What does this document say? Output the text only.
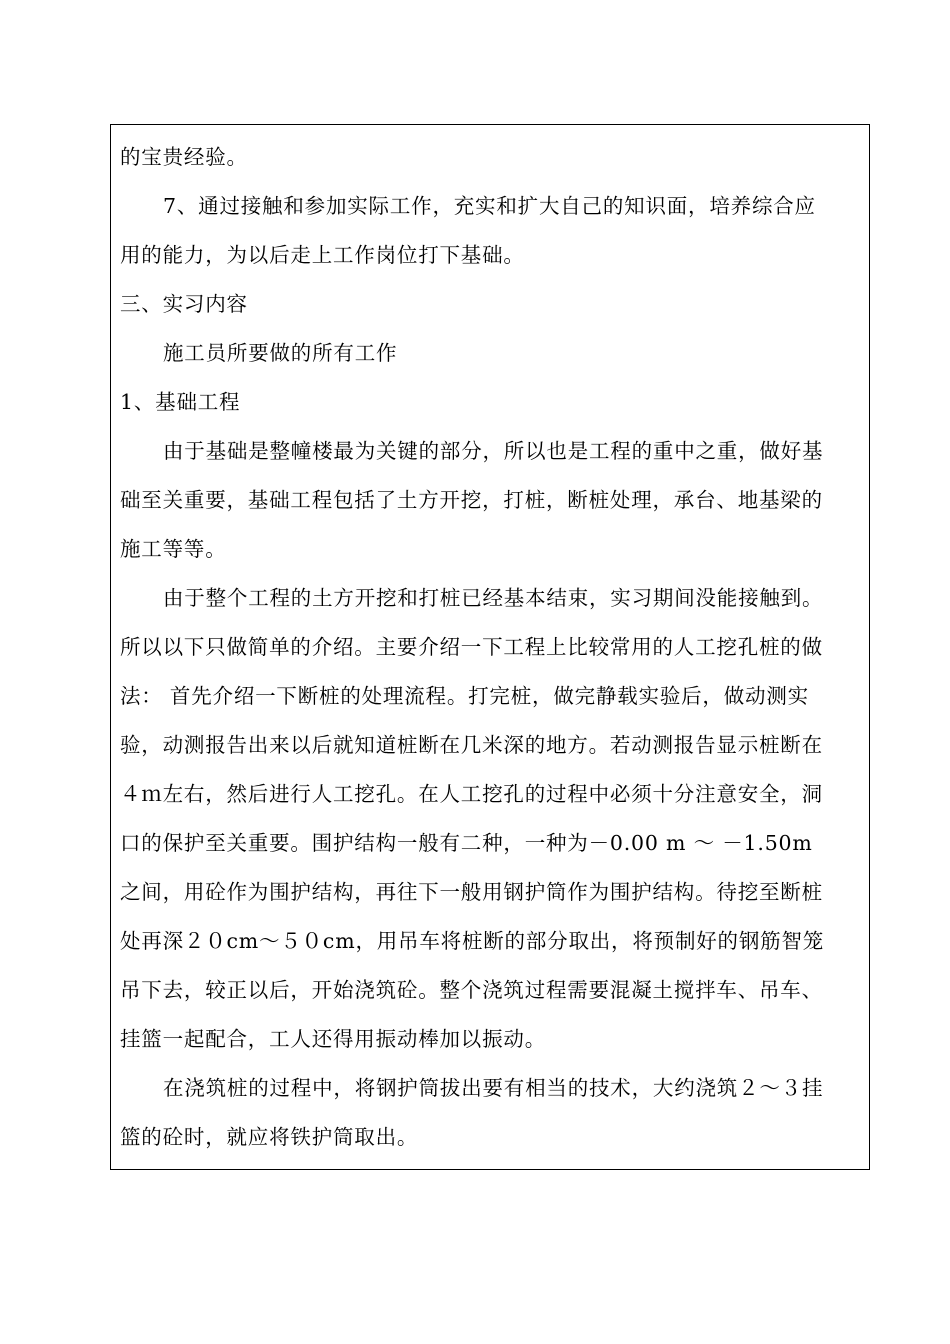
的宝贵经验。
7、通过接触和参加实际工作，充实和扩大自己的知识面，培养综合应
用的能力，为以后走上工作岗位打下基础。
三、实习内容
施工员所要做的所有工作
1、基础工程
由于基础是整幢楼最为关键的部分，所以也是工程的重中之重，做好基
础至关重要，基础工程包括了土方开挖，打桩，断桩处理，承台、地基梁的
施工等等。
由于整个工程的土方开挖和打桩已经基本结束，实习期间没能接触到。
所以以下只做简单的介绍。主要介绍一下工程上比较常用的人工挖孔桩的做
法： 首先介绍一下断桩的处理流程。打完桩，做完静载实验后，做动测实
验，动测报告出来以后就知道桩断在几米深的地方。若动测报告显示桩断在
４ｍ左右，然后进行人工挖孔。在人工挖孔的过程中必须十分注意安全，洞
口的保护至关重要。围护结构一般有二种，一种为－0.00 m ～ －1.50m
之间，用砼作为围护结构，再往下一般用钢护筒作为围护结构。待挖至断桩
处再深２０cm～５０cm，用吊车将桩断的部分取出，将预制好的钢筋智笼
吊下去，较正以后，开始浇筑砼。整个浇筑过程需要混凝土搅拌车、吊车、
挂篮一起配合，工人还得用振动棒加以振动。
在浇筑桩的过程中，将钢护筒拔出要有相当的技术，大约浇筑２～３挂
篮的砼时，就应将铁护筒取出。
